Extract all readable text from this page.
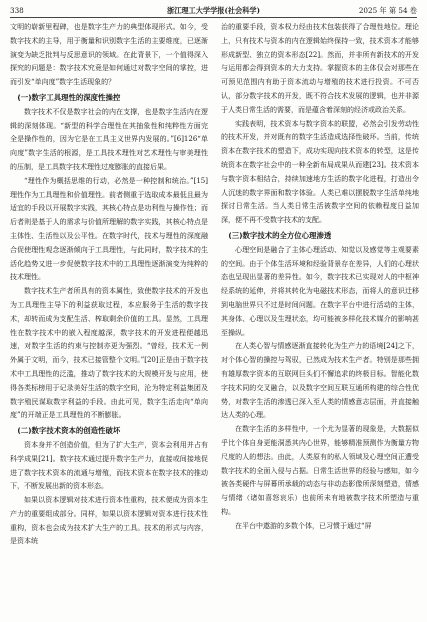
338	浙江理工大学学报(社会科学)	2025 年 第 54 卷

文明的崭新里程碑，也是数字生产力的典型体现形式。如今，受数字技术的主导，用于衡量和识别数字生活的主要维度，已逐渐演变为缺乏批判与反思意识的领域。在此背景下，一个值得深入探究的问题是：数字技术究竟是如何通过对数字空间的掌控，进而引发“单向度”数字生活现象的？

(一)数字工具理性的深度性操控

数字技术不仅是数字社会的内在支撑，也是数字生活内在逻辑的深刻体现。“新型的科学合理性在其抽象性和纯粹性方面完全是操作性的，因为它是在工具主义世界内发展的。”[6]126“单向度”数字生活的根源，是工具技术理性对艺术理性与审美理性的压制，是工具数字技术理性过度膨胀的直接后果。

“理性作为概括思维的行动，必然是一种控制和统治。”[15]理性作为工具理性和价值理性。前者侧重于选取成本最低且最为适宜的手段以开展数字实践，其核心特点是功利性与操作性；而后者则是基于人的需求与价值所理解的数字实践，其核心特点是主体性、生活性以及公平性。在数字时代，技术与理性的深度融合促使理性观念逐渐倾向于工具理性，与此同时，数字技术的生活化趋势又进一步促使数字技术中的工具理性逐渐演变为纯粹的技术理性。

数字技术生产者所具有的资本属性，致使数字技术的开发也为工具理性主导下的利益获取过程，本应服务于生活的数字技术，却转而成为支配生活、榨取剩余价值的工具。显然，工具理性在数字技术中的嵌入程度越深，数字技术的开发进程便越迅速，对数字生活的约束与控制亦更为强烈。“曾经，技术无一例外属于文明，而今，技术已接管整个文明。”[20]正是由于数字技术中工具理性的泛滥，推动了数字技术的大规模开发与应用，使得各类标榜用于记录美好生活的数字空间，沦为特定利益集团及数字殖民谋取数字利益的手段。由此可见，数字生活走向“单向度”的开端正是工具理性的不断膨胀。

(二)数字技术资本的创造性破坏

资本身并不创造价值，但为了扩大生产，资本会利用并占有科学成果[21]。数字技术通过提升数字生产力，直接或间接地促进了数字技术资本的流通与增殖，而技术资本在数字技术的推动下，不断发展出新的资本形态。

如果以资本逻辑对技术进行资本性重构，技术便成为资本生产力的重要组成部分。同样，如果以资本逻辑对资本进行技术性重构，资本也会成为技术扩大生产的工具。技术的形式与内容，是资本统

治的重要手段，资本权力经由技术包装获得了合理性地位。理论上，只有技术与资本的内在逻辑始终保持一致，技术资本才能够形成新型、独立的资本形态[22]。然而，并非所有新技术的开发与运用都会得到资本的大力支持。掌握资本的主体仅会对那些在可预见范围内有助于资本流动与增殖的技术进行投资。不可否认，部分数字技术的开发，既不符合技术发展的逻辑，也并非源于人类日常生活的需要，而是蕴含着深刻的经济或政治关系。

实践表明，技术资本与数字资本的联盟，必然会引发劳动性的技术开发，并对既有的数字生活造成选择性破坏。当前，传统资本在数字技术的塑造下，成功实现向技术资本的转型，这是传统资本在数字社会中的一种全新布局成果从而建[23]。技术资本与数字资本相结合，持续加速地方生活的数字化进程，打造出令人沉迷的数字界面和数字体验。人类已难以摆脱数字生活单纯地探讨日常生活。当人类日常生活被数字空间的依赖程度日益加深，便不再不受数字技术的支配。

(三)数字技术的全方位心理渗透

心理空间是融合了主体心理活动、知觉以及感觉等主观要素的空间。由于个体生活环境和经验背景存在差异，人们的心理状态也呈现出显著的差异性。如今，数字技术已实现对人的中枢神经系统的延伸，并将其转化为电磁技术形态，而将人的意识迁移到电脑世界只不过是时间问题。在数字平台中进行活动的主体，其身体、心理以及生理状态，均可能被多样化技术媒介的影响甚至操纵。

在人类心智与情感逐渐直接转化为生产力的语境[24]之下，对个体心智的操控与驾驭，已然成为技术生产者。特别是那些拥有雄厚数字资本的互联网巨头们不懈追求的终极目标。智能化数字技术同的交叉融合，以及数字空间互联互通所构建的综合性优势，对数字生活的渗透已深入至人类的情感意志层面，并直接触达人类的心理。

在数字生活的多样性中，一个尤为显著的现象是，大数据似乎比个体自身更能洞悉其内心世界，能够精准预测作为衡量方物尺度的人的想法。由此，人类原有的私人领域及心理空间正遭受数字技术的全面入侵与占据。日常生活世界的经验与感知，如今被各类硬件与屏幕所承载的动态与非动态影像所深刻塑造，情感与情绪（诸如喜怒哀乐）也前所未有地被数字技术所塑造与重构。

在平台中遨游的多数个体，已习惯于通过“屏
